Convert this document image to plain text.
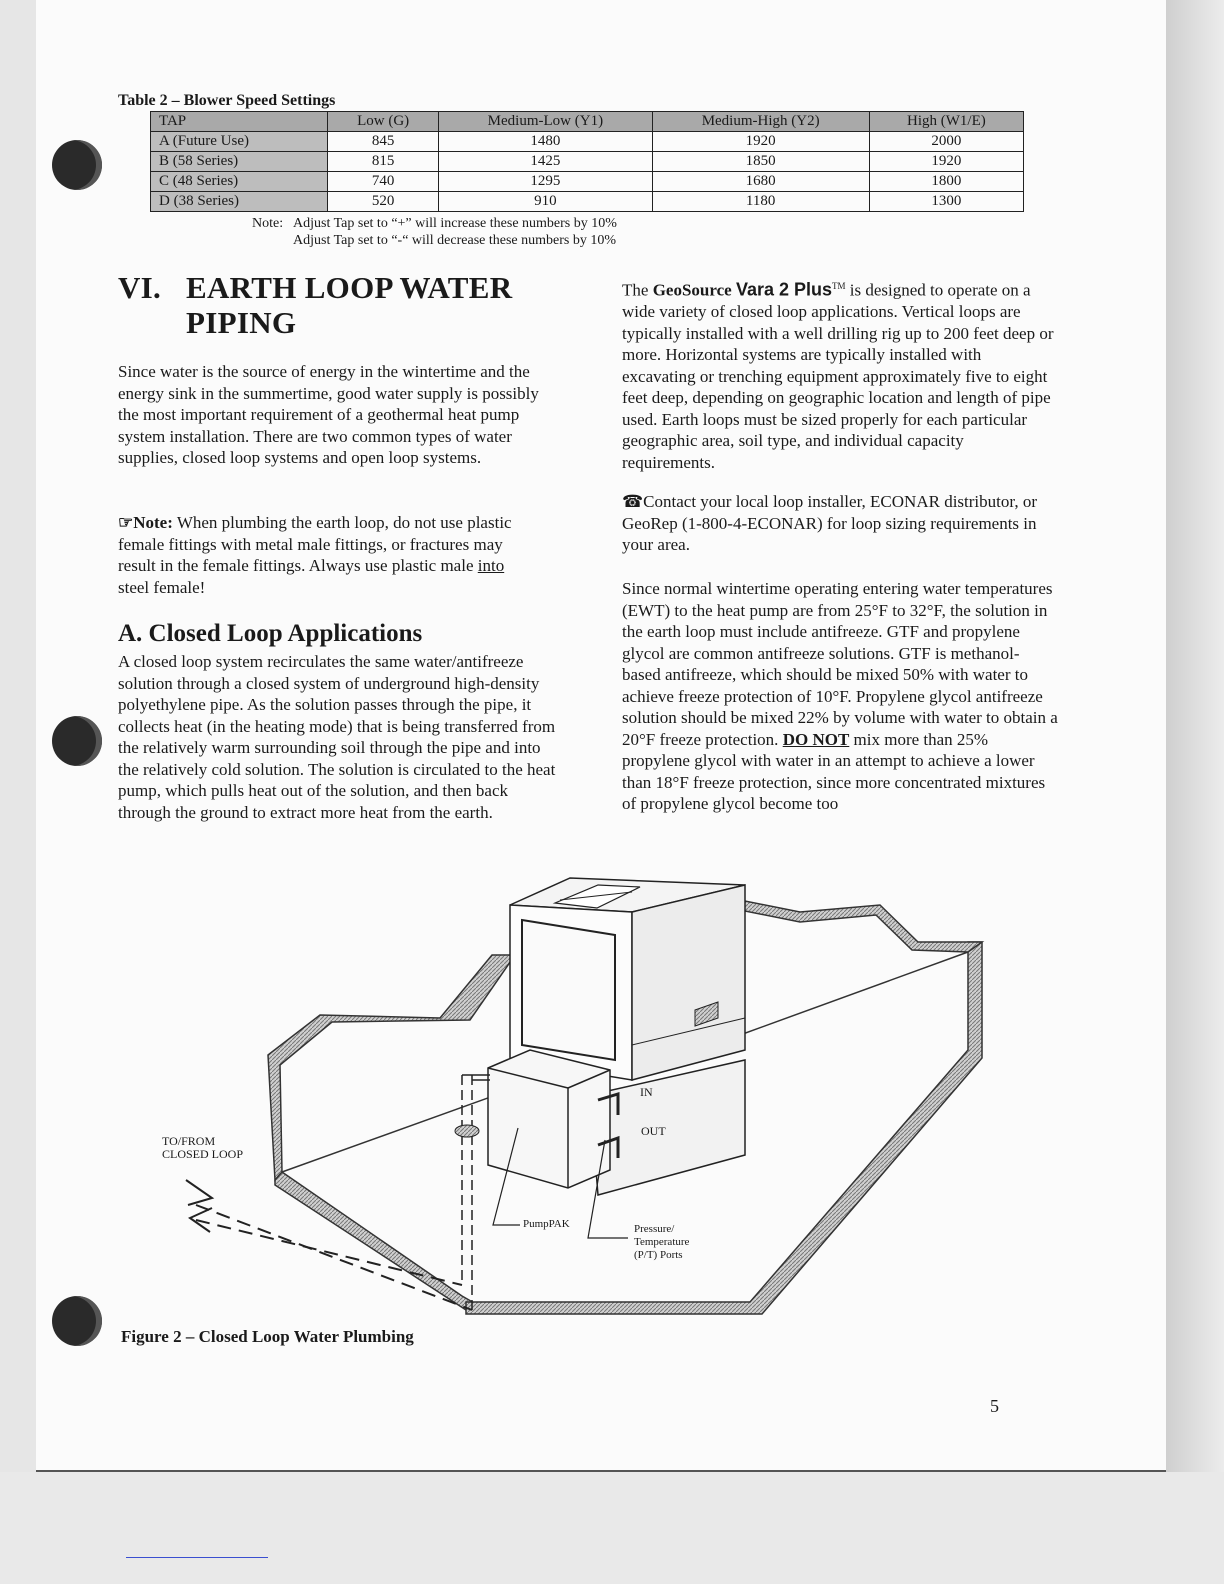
Table 2 – Blower Speed Settings
TAP	Low (G)	Medium-Low (Y1)	Medium-High (Y2)	High (W1/E)
A (Future Use)	845	1480	1920	2000
B (58 Series)	815	1425	1850	1920
C (48 Series)	740	1295	1680	1800
D (38 Series)	520	910	1180	1300
Note: Adjust Tap set to “+” will increase these numbers by 10%
Adjust Tap set to “-“ will decrease these numbers by 10%
VI. EARTH LOOP WATER
PIPING

Since water is the source of energy in the wintertime and the energy sink in the summertime, good water supply is possibly the most important requirement of a geothermal heat pump system installation. There are two common types of water supplies, closed loop systems and open loop systems.

☞Note: When plumbing the earth loop, do not use plastic female fittings with metal male fittings, or fractures may result in the female fittings. Always use plastic male into steel female!

A. Closed Loop Applications

A closed loop system recirculates the same water/antifreeze solution through a closed system of underground high-density polyethylene pipe. As the solution passes through the pipe, it collects heat (in the heating mode) that is being transferred from the relatively warm surrounding soil through the pipe and into the relatively cold solution. The solution is circulated to the heat pump, which pulls heat out of the solution, and then back through the ground to extract more heat from the earth.

The GeoSource Vara 2 Plus™ is designed to operate on a wide variety of closed loop applications. Vertical loops are typically installed with a well drilling rig up to 200 feet deep or more. Horizontal systems are typically installed with excavating or trenching equipment approximately five to eight feet deep, depending on geographic location and length of pipe used. Earth loops must be sized properly for each particular geographic area, soil type, and individual capacity requirements.

☎Contact your local loop installer, ECONAR distributor, or GeoRep (1-800-4-ECONAR) for loop sizing requirements in your area.

Since normal wintertime operating entering water temperatures (EWT) to the heat pump are from 25°F to 32°F, the solution in the earth loop must include antifreeze. GTF and propylene glycol are common antifreeze solutions. GTF is methanol-based antifreeze, which should be mixed 50% with water to achieve freeze protection of 10°F. Propylene glycol antifreeze solution should be mixed 22% by volume with water to obtain a 20°F freeze protection. DO NOT mix more than 25% propylene glycol with water in an attempt to achieve a lower than 18°F freeze protection, since more concentrated mixtures of propylene glycol become too

TO/FROM
CLOSED LOOP
IN
OUT
PumpPAK	Pressure/
Temperature
(P/T) Ports
Figure 2 – Closed Loop Water Plumbing
5
